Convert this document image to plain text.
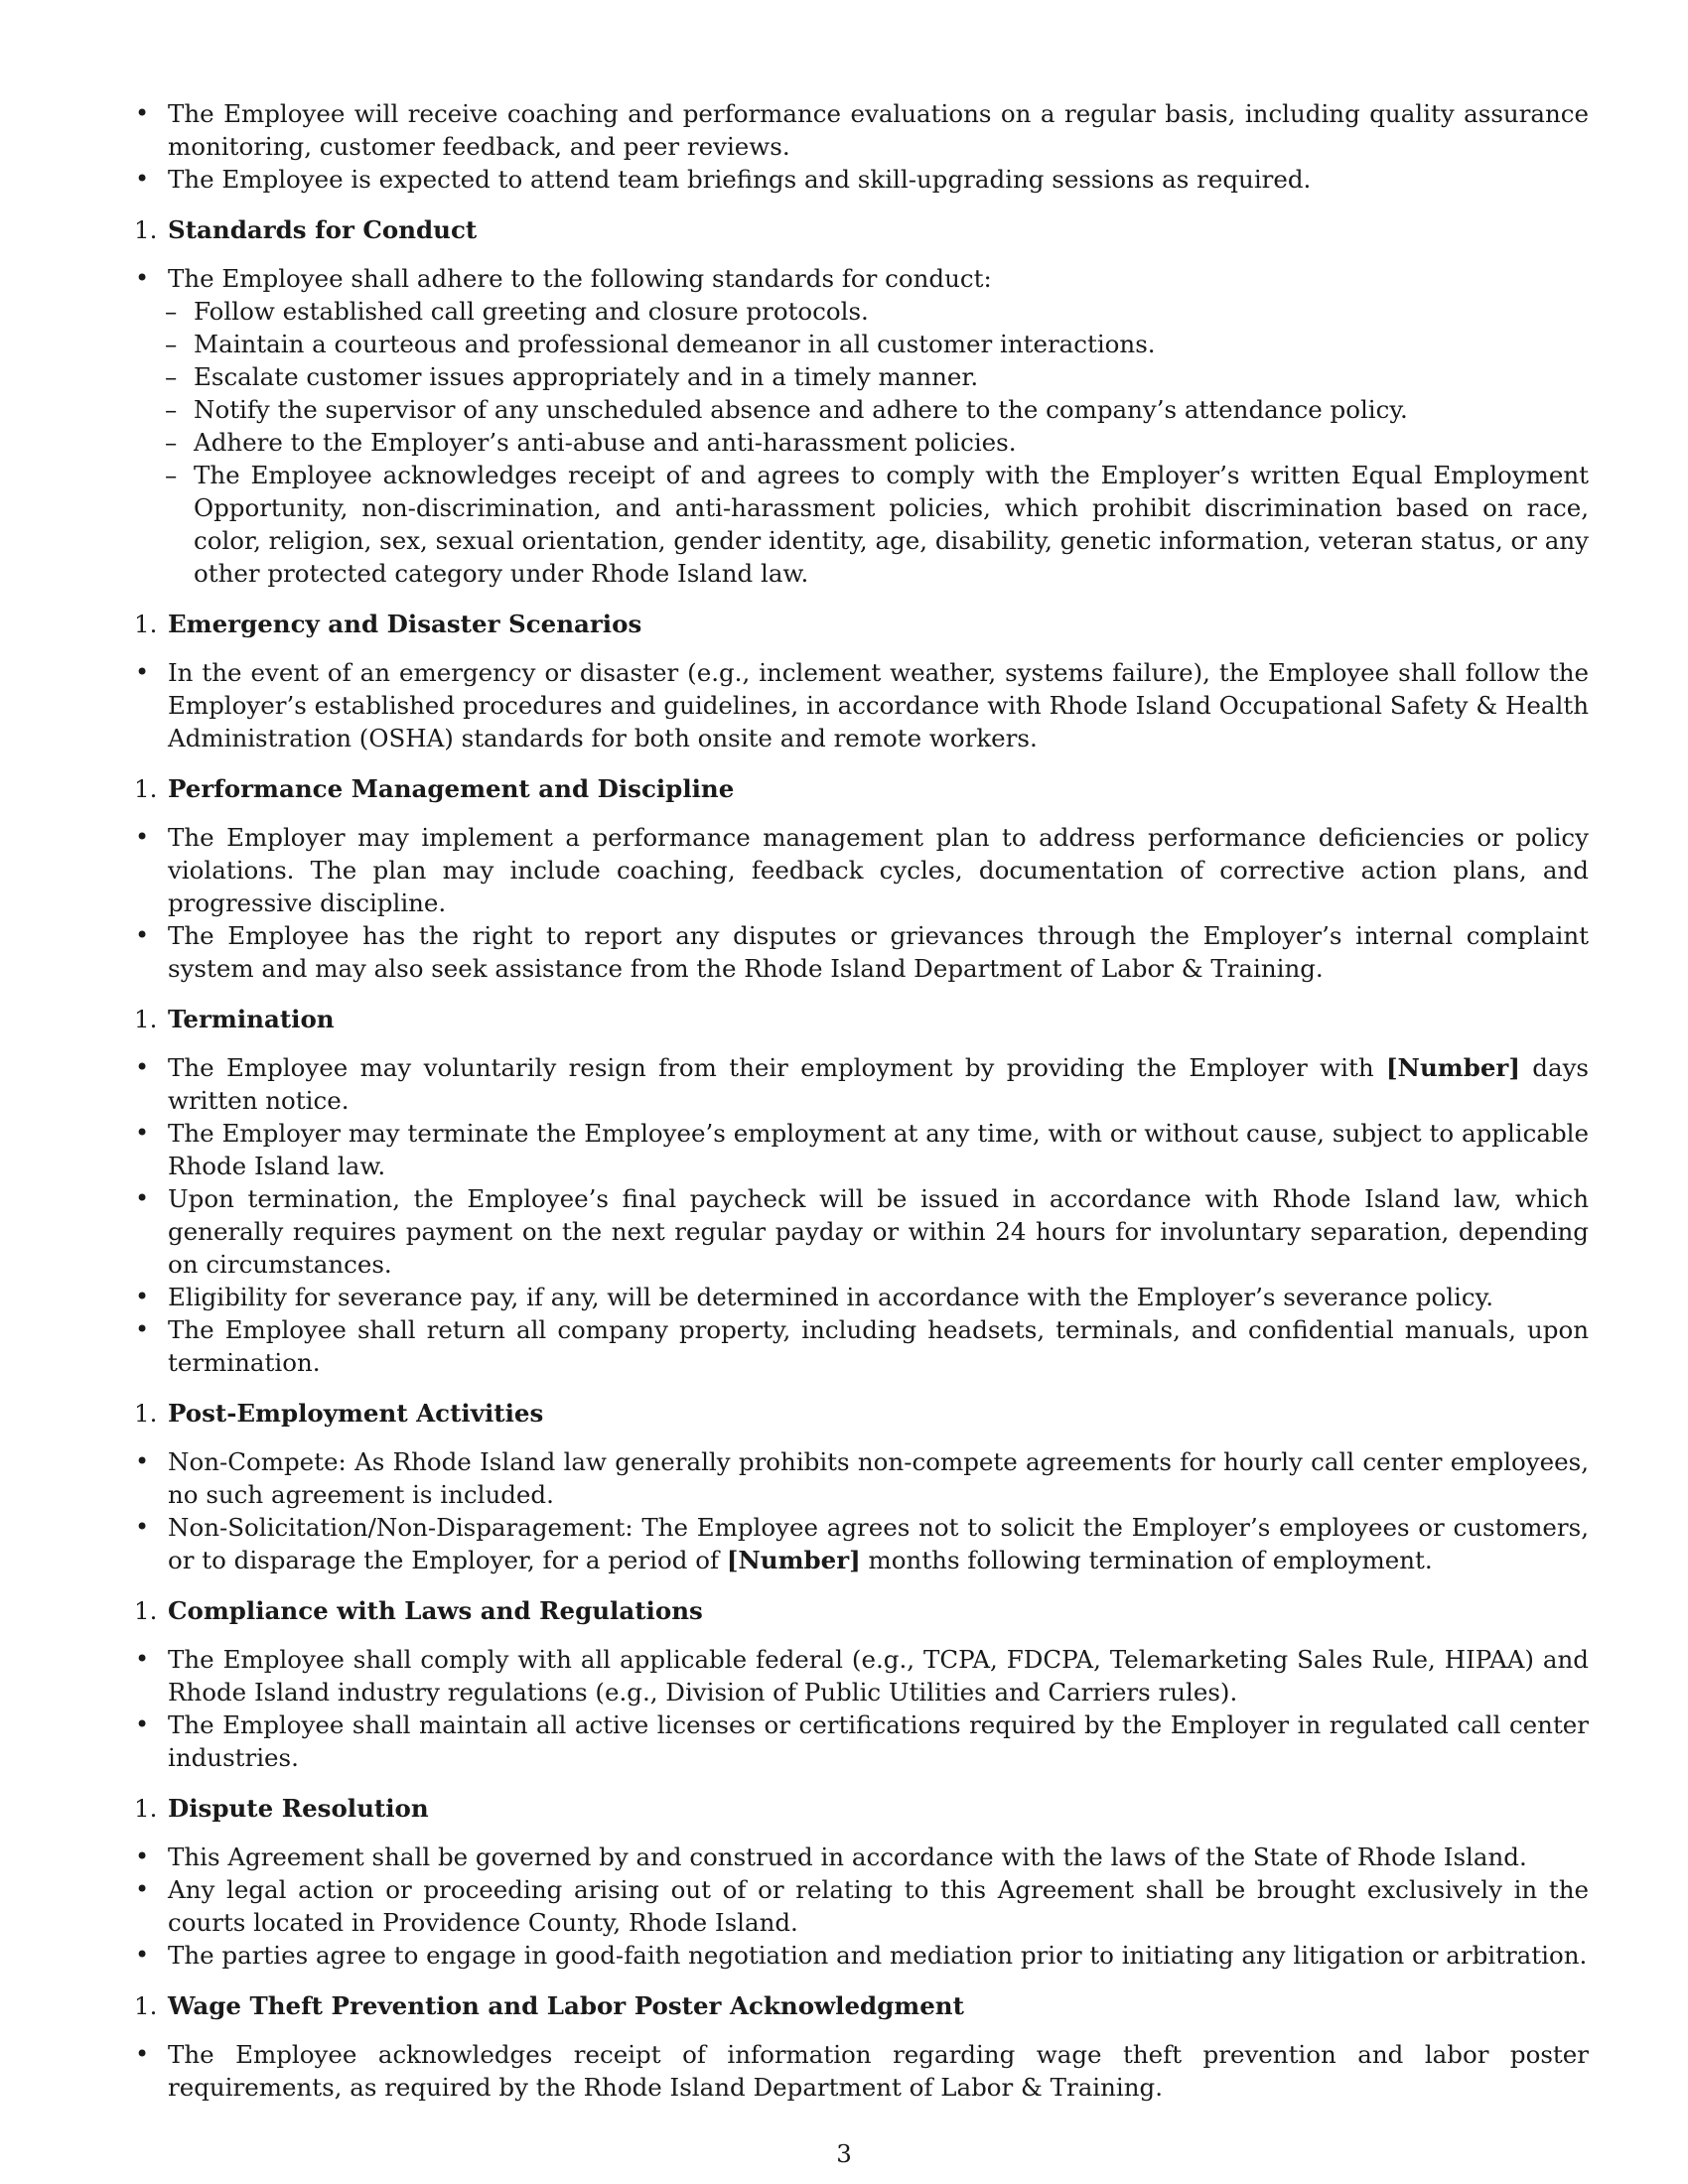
• The Employee will receive coaching and performance evaluations on a regular basis, including quality assurance monitoring, customer feedback, and peer reviews.
• The Employee is expected to attend team briefings and skill-upgrading sessions as required.
1. Standards for Conduct
• The Employee shall adhere to the following standards for conduct:
– Follow established call greeting and closure protocols.
– Maintain a courteous and professional demeanor in all customer interactions.
– Escalate customer issues appropriately and in a timely manner.
– Notify the supervisor of any unscheduled absence and adhere to the company’s attendance policy.
– Adhere to the Employer’s anti-abuse and anti-harassment policies.
– The Employee acknowledges receipt of and agrees to comply with the Employer’s written Equal Employment Opportunity, non-discrimination, and anti-harassment policies, which prohibit discrimination based on race, color, religion, sex, sexual orientation, gender identity, age, disability, genetic information, veteran status, or any other protected category under Rhode Island law.
1. Emergency and Disaster Scenarios
• In the event of an emergency or disaster (e.g., inclement weather, systems failure), the Employee shall follow the Employer’s established procedures and guidelines, in accordance with Rhode Island Occupational Safety & Health Administration (OSHA) standards for both onsite and remote workers.
1. Performance Management and Discipline
• The Employer may implement a performance management plan to address performance deficiencies or policy violations. The plan may include coaching, feedback cycles, documentation of corrective action plans, and progressive discipline.
• The Employee has the right to report any disputes or grievances through the Employer’s internal complaint system and may also seek assistance from the Rhode Island Department of Labor & Training.
1. Termination
• The Employee may voluntarily resign from their employment by providing the Employer with [Number] days written notice.
• The Employer may terminate the Employee’s employment at any time, with or without cause, subject to applicable Rhode Island law.
• Upon termination, the Employee’s final paycheck will be issued in accordance with Rhode Island law, which generally requires payment on the next regular payday or within 24 hours for involuntary separation, depending on circumstances.
• Eligibility for severance pay, if any, will be determined in accordance with the Employer’s severance policy.
• The Employee shall return all company property, including headsets, terminals, and confidential manuals, upon termination.
1. Post-Employment Activities
• Non-Compete: As Rhode Island law generally prohibits non-compete agreements for hourly call center employees, no such agreement is included.
• Non-Solicitation/Non-Disparagement: The Employee agrees not to solicit the Employer’s employees or customers, or to disparage the Employer, for a period of [Number] months following termination of employment.
1. Compliance with Laws and Regulations
• The Employee shall comply with all applicable federal (e.g., TCPA, FDCPA, Telemarketing Sales Rule, HIPAA) and Rhode Island industry regulations (e.g., Division of Public Utilities and Carriers rules).
• The Employee shall maintain all active licenses or certifications required by the Employer in regulated call center industries.
1. Dispute Resolution
• This Agreement shall be governed by and construed in accordance with the laws of the State of Rhode Island.
• Any legal action or proceeding arising out of or relating to this Agreement shall be brought exclusively in the courts located in Providence County, Rhode Island.
• The parties agree to engage in good-faith negotiation and mediation prior to initiating any litigation or arbitration.
1. Wage Theft Prevention and Labor Poster Acknowledgment
• The Employee acknowledges receipt of information regarding wage theft prevention and labor poster requirements, as required by the Rhode Island Department of Labor & Training.
3
